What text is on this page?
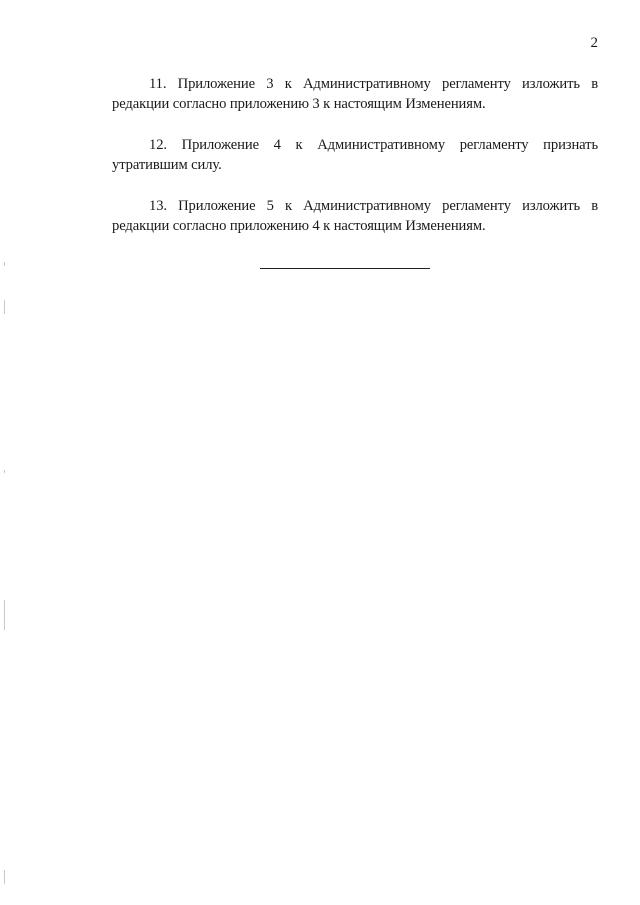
2

11. Приложение 3 к Административному регламенту изложить в редакции согласно приложению 3 к настоящим Изменениям.

12. Приложение 4 к Административному регламенту признать утратившим силу.

13. Приложение 5 к Административному регламенту изложить в редакции согласно приложению 4 к настоящим Изменениям.
